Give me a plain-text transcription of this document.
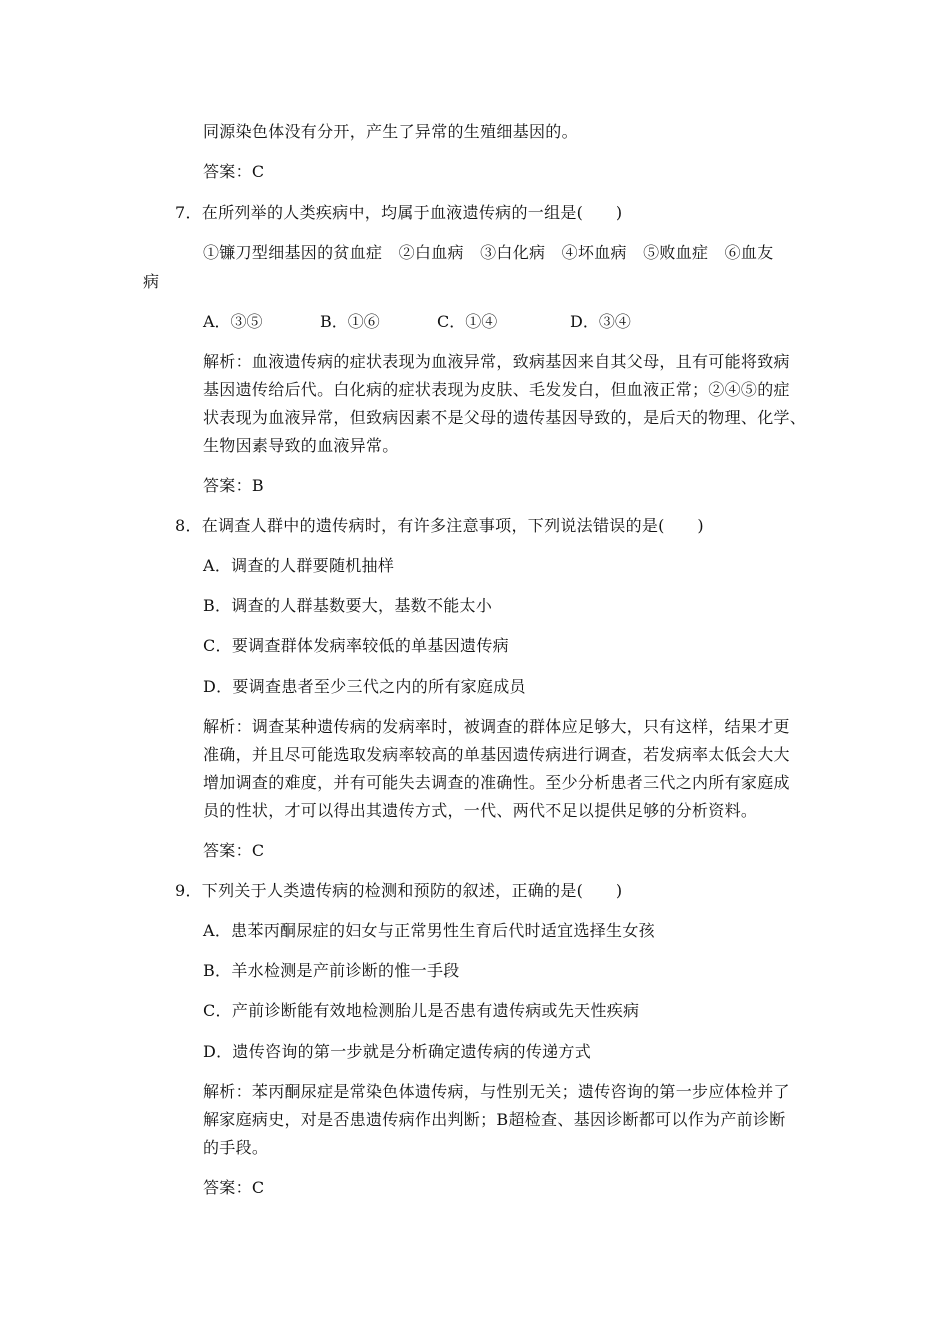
同源染色体没有分开，产生了异常的生殖细基因的。
答案：C
7．在所列举的人类疾病中，均属于血液遗传病的一组是(　　)
①镰刀型细基因的贫血症　②白血病　③白化病　④坏血病　⑤败血症　⑥血友
病
A．③⑤	B．①⑥	C．①④	D．③④
解析：血液遗传病的症状表现为血液异常，致病基因来自其父母，且有可能将致病
基因遗传给后代。白化病的症状表现为皮肤、毛发发白，但血液正常；②④⑤的症
状表现为血液异常，但致病因素不是父母的遗传基因导致的，是后天的物理、化学、
生物因素导致的血液异常。
答案：B
8．在调查人群中的遗传病时，有许多注意事项，下列说法错误的是(　　)
A．调查的人群要随机抽样
B．调查的人群基数要大，基数不能太小
C．要调查群体发病率较低的单基因遗传病
D．要调查患者至少三代之内的所有家庭成员
解析：调查某种遗传病的发病率时，被调查的群体应足够大，只有这样，结果才更
准确，并且尽可能选取发病率较高的单基因遗传病进行调查，若发病率太低会大大
增加调查的难度，并有可能失去调查的准确性。至少分析患者三代之内所有家庭成
员的性状，才可以得出其遗传方式，一代、两代不足以提供足够的分析资料。
答案：C
9．下列关于人类遗传病的检测和预防的叙述，正确的是(　　)
A．患苯丙酮尿症的妇女与正常男性生育后代时适宜选择生女孩
B．羊水检测是产前诊断的惟一手段
C．产前诊断能有效地检测胎儿是否患有遗传病或先天性疾病
D．遗传咨询的第一步就是分析确定遗传病的传递方式
解析：苯丙酮尿症是常染色体遗传病，与性别无关；遗传咨询的第一步应体检并了
解家庭病史，对是否患遗传病作出判断；B超检查、基因诊断都可以作为产前诊断
的手段。
答案：C
